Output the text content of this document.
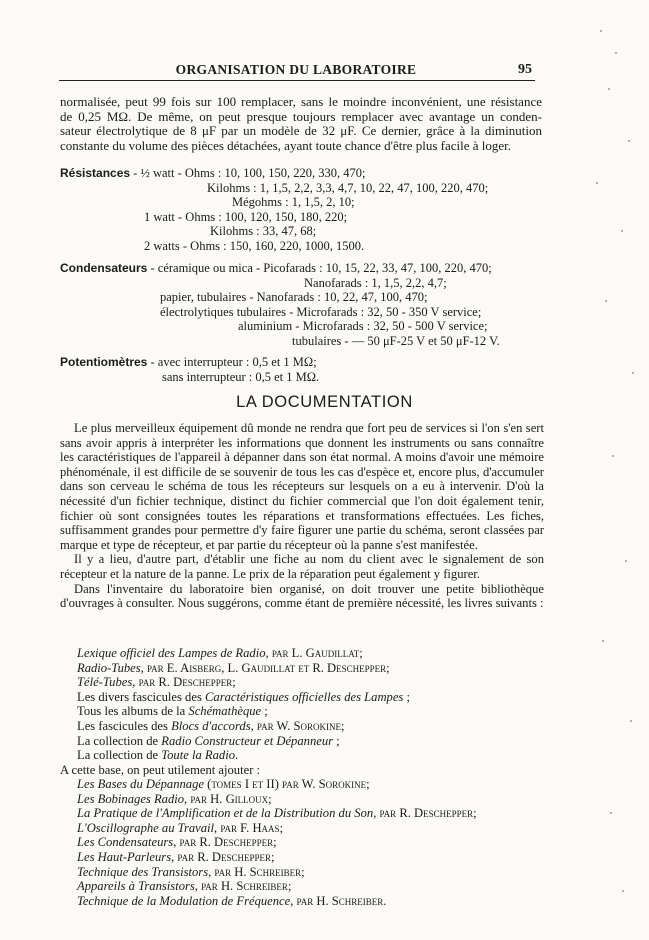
ORGANISATION DU LABORATOIRE	95
normalisée, peut 99 fois sur 100 remplacer, sans le moindre inconvénient, une résistance
de 0,25 MΩ. De même, on peut presque toujours remplacer avec avantage un conden-
sateur électrolytique de 8 μF par un modèle de 32 μF. Ce dernier, grâce à la diminution
constante du volume des pièces détachées, ayant toute chance d'être plus facile à loger.
Résistances - ½ watt - Ohms : 10, 100, 150, 220, 330, 470;
Kilohms : 1, 1,5, 2,2, 3,3, 4,7, 10, 22, 47, 100, 220, 470;
Mégohms : 1, 1,5, 2, 10;
1 watt - Ohms : 100, 120, 150, 180, 220;
Kilohms : 33, 47, 68;
2 watts - Ohms : 150, 160, 220, 1000, 1500.
Condensateurs - céramique ou mica - Picofarads : 10, 15, 22, 33, 47, 100, 220, 470;
Nanofarads : 1, 1,5, 2,2, 4,7;
papier, tubulaires - Nanofarads : 10, 22, 47, 100, 470;
électrolytiques tubulaires - Microfarads : 32, 50 - 350 V service;
aluminium - Microfarads : 32, 50 - 500 V service;
tubulaires - — 50 μF-25 V et 50 μF-12 V.
Potentiomètres - avec interrupteur : 0,5 et 1 MΩ;
sans interrupteur : 0,5 et 1 MΩ.
LA DOCUMENTATION

Le plus merveilleux équipement dû monde ne rendra que fort peu de services si l'on s'en sert sans avoir appris à interpréter les informations que donnent les instruments ou sans connaître les caractéristiques de l'appareil à dépanner dans son état normal. A moins d'avoir une mémoire phénoménale, il est difficile de se souvenir de tous les cas d'espèce et, encore plus, d'accumuler dans son cerveau le schéma de tous les récepteurs sur lesquels on a eu à intervenir. D'où la nécessité d'un fichier technique, distinct du fichier commercial que l'on doit également tenir, fichier où sont consignées toutes les réparations et transformations effectuées. Les fiches, suffisamment grandes pour permettre d'y faire figurer une partie du schéma, seront classées par marque et type de récepteur, et par partie du récepteur où la panne s'est manifestée.

Il y a lieu, d'autre part, d'établir une fiche au nom du client avec le signalement de son récepteur et la nature de la panne. Le prix de la réparation peut également y figurer.

Dans l'inventaire du laboratoire bien organisé, on doit trouver une petite bibliothèque d'ouvrages à consulter. Nous suggérons, comme étant de première nécessité, les livres suivants :

Lexique officiel des Lampes de Radio, par L. Gaudillat;
Radio-Tubes, par E. Aisberg, L. Gaudillat et R. Deschepper;
Télé-Tubes, par R. Deschepper;
Les divers fascicules des Caractéristiques officielles des Lampes ;
Tous les albums de la Schémathèque ;
Les fascicules des Blocs d'accords, par W. Sorokine;
La collection de Radio Constructeur et Dépanneur ;
La collection de Toute la Radio.
A cette base, on peut utilement ajouter :
Les Bases du Dépannage (tomes I et II) par W. Sorokine;
Les Bobinages Radio, par H. Gilloux;
La Pratique de l'Amplification et de la Distribution du Son, par R. Deschepper;
L'Oscillographe au Travail, par F. Haas;
Les Condensateurs, par R. Deschepper;
Les Haut-Parleurs, par R. Deschepper;
Technique des Transistors, par H. Schreiber;
Appareils à Transistors, par H. Schreiber;
Technique de la Modulation de Fréquence, par H. Schreiber.
